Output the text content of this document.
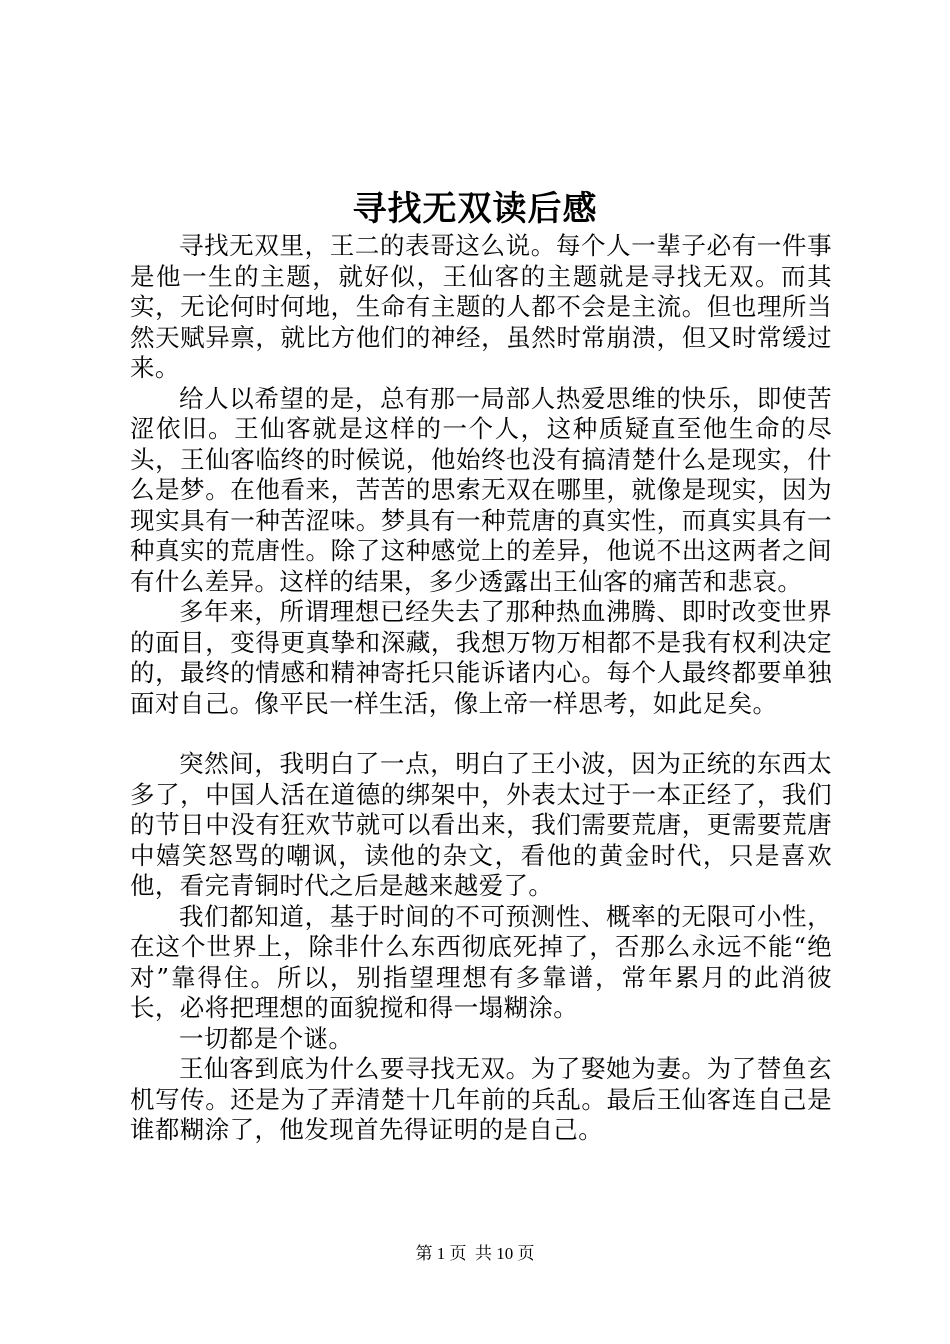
寻找无双读后感

寻找无双里，王二的表哥这么说。每个人一辈子必有一件事是他一生的主题，就好似，王仙客的主题就是寻找无双。而其实，无论何时何地，生命有主题的人都不会是主流。但也理所当然天赋异禀，就比方他们的神经，虽然时常崩溃，但又时常缓过来。

给人以希望的是，总有那一局部人热爱思维的快乐，即使苦涩依旧。王仙客就是这样的一个人，这种质疑直至他生命的尽头，王仙客临终的时候说，他始终也没有搞清楚什么是现实，什么是梦。在他看来，苦苦的思索无双在哪里，就像是现实，因为现实具有一种苦涩味。梦具有一种荒唐的真实性，而真实具有一种真实的荒唐性。除了这种感觉上的差异，他说不出这两者之间有什么差异。这样的结果，多少透露出王仙客的痛苦和悲哀。

多年来，所谓理想已经失去了那种热血沸腾、即时改变世界的面目，变得更真挚和深藏，我想万物万相都不是我有权利决定的，最终的情感和精神寄托只能诉诸内心。每个人最终都要单独面对自己。像平民一样生活，像上帝一样思考，如此足矣。

突然间，我明白了一点，明白了王小波，因为正统的东西太多了，中国人活在道德的绑架中，外表太过于一本正经了，我们的节日中没有狂欢节就可以看出来，我们需要荒唐，更需要荒唐中嬉笑怒骂的嘲讽，读他的杂文，看他的黄金时代，只是喜欢他，看完青铜时代之后是越来越爱了。

我们都知道，基于时间的不可预测性、概率的无限可小性，在这个世界上，除非什么东西彻底死掉了，否那么永远不能“绝对”靠得住。所以，别指望理想有多靠谱，常年累月的此消彼长，必将把理想的面貌搅和得一塌糊涂。

一切都是个谜。

王仙客到底为什么要寻找无双。为了娶她为妻。为了替鱼玄机写传。还是为了弄清楚十几年前的兵乱。最后王仙客连自己是谁都糊涂了，他发现首先得证明的是自己。

第 1 页  共 10 页
